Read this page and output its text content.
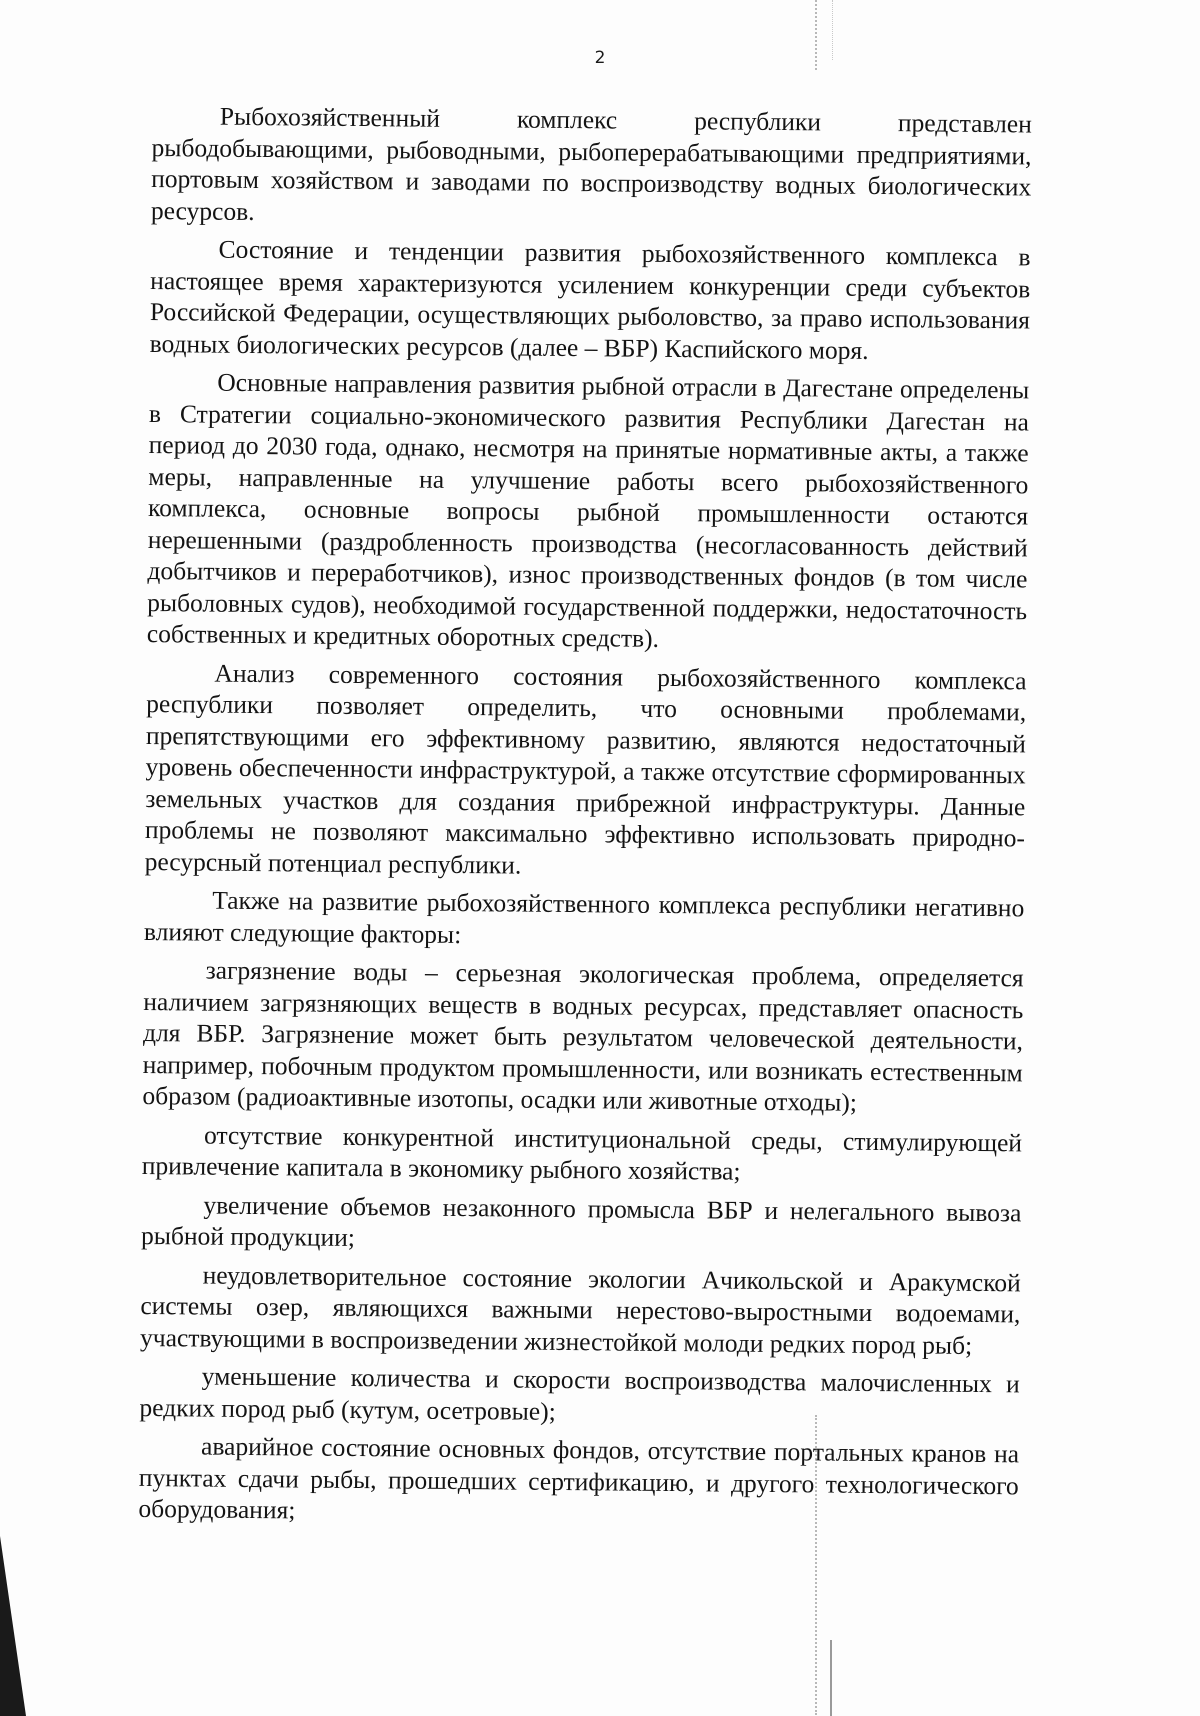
2

Рыбохозяйственный комплекс республики представлен рыбодобывающими, рыбоводными, рыбоперерабатывающими предприятиями, портовым хозяйством и заводами по воспроизводству водных биологических ресурсов.

Состояние и тенденции развития рыбохозяйственного комплекса в настоящее время характеризуются усилением конкуренции среди субъектов Российской Федерации, осуществляющих рыболовство, за право использования водных биологических ресурсов (далее – ВБР) Каспийского моря.

Основные направления развития рыбной отрасли в Дагестане определены в Стратегии социально-экономического развития Республики Дагестан на период до 2030 года, однако, несмотря на принятые нормативные акты, а также меры, направленные на улучшение работы всего рыбохозяйственного комплекса, основные вопросы рыбной промышленности остаются нерешенными (раздробленность производства (несогласованность действий добытчиков и переработчиков), износ производственных фондов (в том числе рыболовных судов), необходимой государственной поддержки, недостаточность собственных и кредитных оборотных средств).

Анализ современного состояния рыбохозяйственного комплекса республики позволяет определить, что основными проблемами, препятствующими его эффективному развитию, являются недостаточный уровень обеспеченности инфраструктурой, а также отсутствие сформированных земельных участков для создания прибрежной инфраструктуры. Данные проблемы не позволяют максимально эффективно использовать природно-ресурсный потенциал республики.

Также на развитие рыбохозяйственного комплекса республики негативно влияют следующие факторы:

загрязнение воды – серьезная экологическая проблема, определяется наличием загрязняющих веществ в водных ресурсах, представляет опасность для ВБР. Загрязнение может быть результатом человеческой деятельности, например, побочным продуктом промышленности, или возникать естественным образом (радиоактивные изотопы, осадки или животные отходы);

отсутствие конкурентной институциональной среды, стимулирующей привлечение капитала в экономику рыбного хозяйства;

увеличение объемов незаконного промысла ВБР и нелегального вывоза рыбной продукции;

неудовлетворительное состояние экологии Ачикольской и Аракумской системы озер, являющихся важными нерестово-выростными водоемами, участвующими в воспроизведении жизнестойкой молоди редких пород рыб;

уменьшение количества и скорости воспроизводства малочисленных и редких пород рыб (кутум, осетровые);

аварийное состояние основных фондов, отсутствие портальных кранов на пунктах сдачи рыбы, прошедших сертификацию, и другого технологического оборудования;
